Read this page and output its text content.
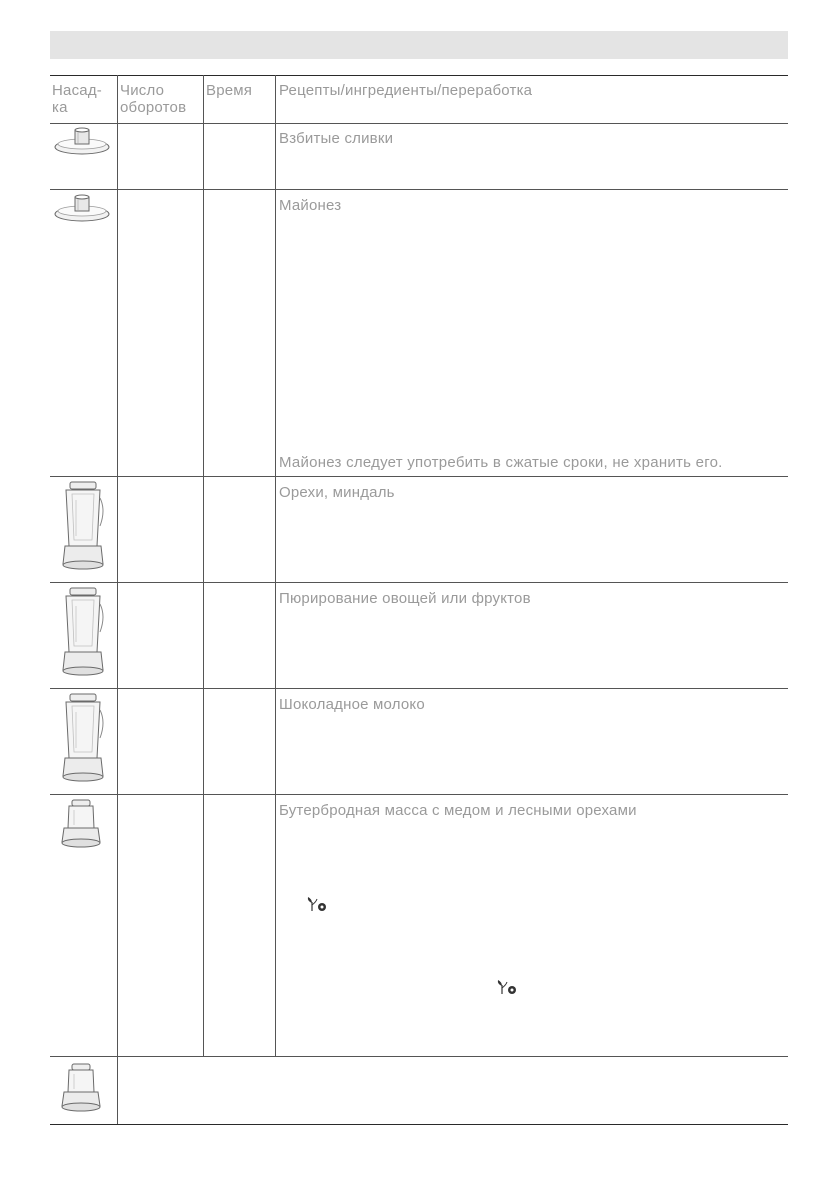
Насад-
ка
Число
оборотов
Время Рецепты/ингредиенты/переработка
Взбитые сливки
Майонез
Майонез следует употребить в сжатые сроки, не хранить его.
Орехи, миндаль
Пюрирование овощей или фруктов
Шоколадное молоко
Бутербродная масса с медом и лесными орехами
